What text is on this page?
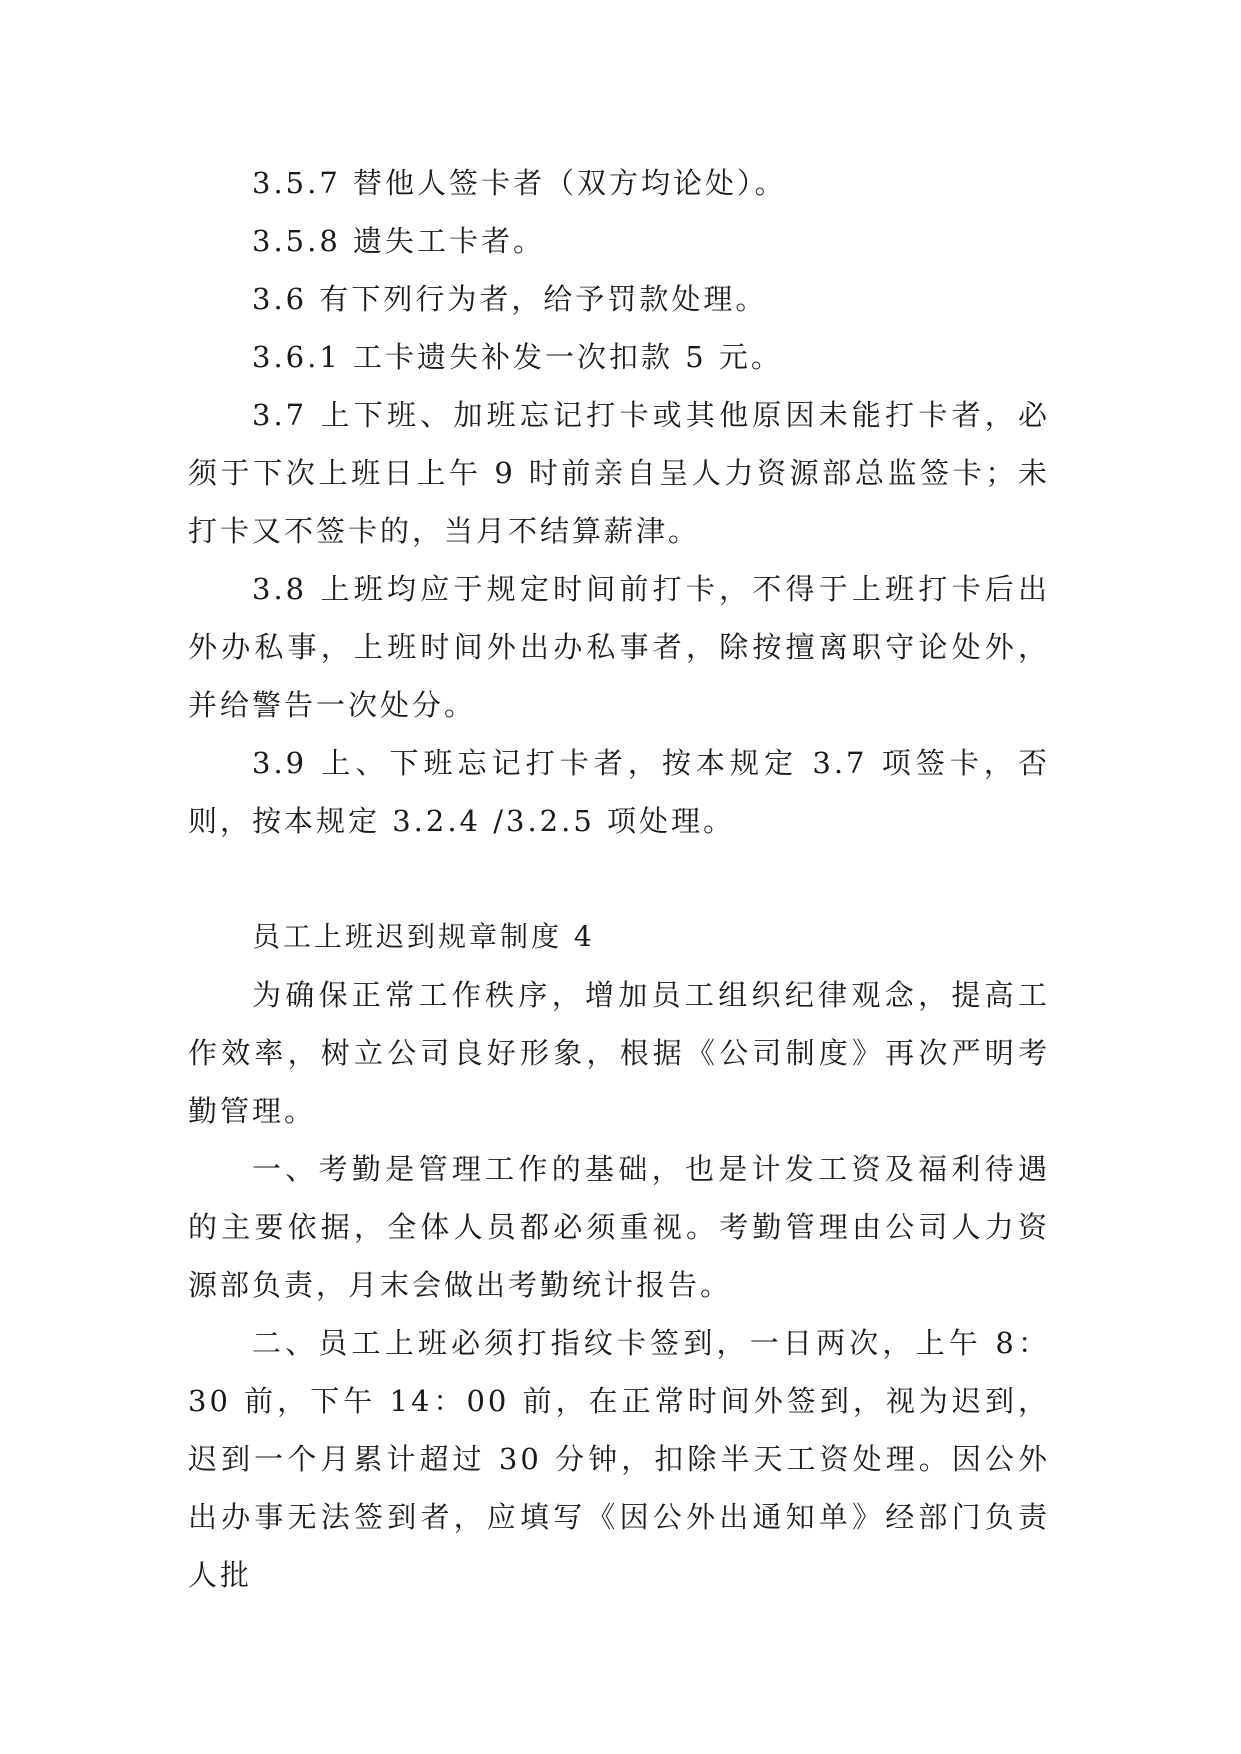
3.5.7 替他人签卡者（双方均论处）。

3.5.8 遗失工卡者。

3.6 有下列行为者，给予罚款处理。

3.6.1 工卡遗失补发一次扣款 5 元。

3.7 上下班、加班忘记打卡或其他原因未能打卡者，必须于下次上班日上午 9 时前亲自呈人力资源部总监签卡；未打卡又不签卡的，当月不结算薪津。

3.8 上班均应于规定时间前打卡，不得于上班打卡后出外办私事，上班时间外出办私事者，除按擅离职守论处外，并给警告一次处分。

3.9 上、下班忘记打卡者，按本规定 3.7 项签卡，否则，按本规定 3.2.4 /3.2.5 项处理。

员工上班迟到规章制度 4

为确保正常工作秩序，增加员工组织纪律观念，提高工作效率，树立公司良好形象，根据《公司制度》再次严明考勤管理。

一、考勤是管理工作的基础，也是计发工资及福利待遇的主要依据，全体人员都必须重视。考勤管理由公司人力资源部负责，月末会做出考勤统计报告。

二、员工上班必须打指纹卡签到，一日两次，上午 8：30 前，下午 14：00 前，在正常时间外签到，视为迟到，迟到一个月累计超过 30 分钟，扣除半天工资处理。因公外出办事无法签到者，应填写《因公外出通知单》经部门负责人批
